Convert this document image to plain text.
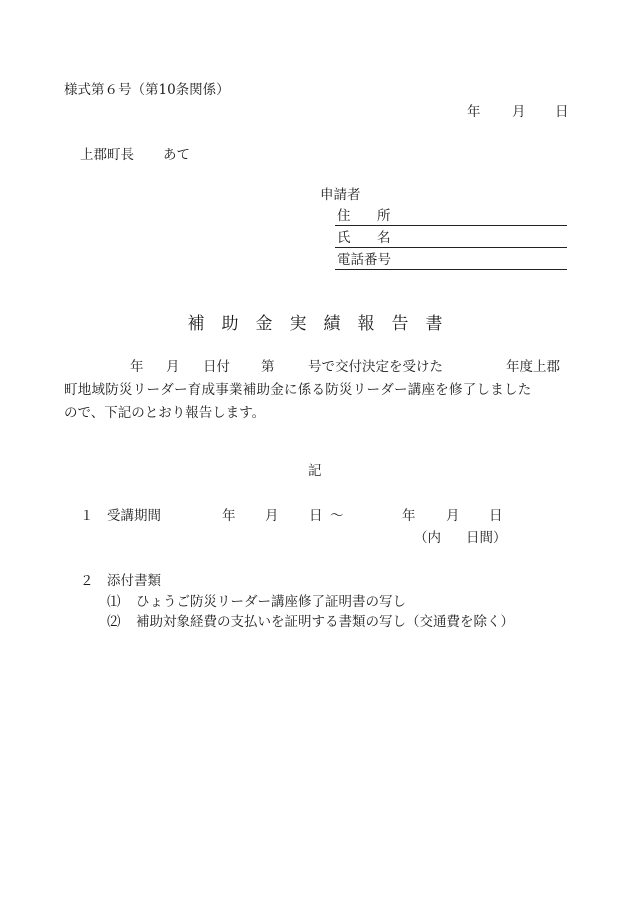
様式第６号（第10条関係）
年 月 日
上郡町長 あて
申請者
住 所
氏 名
電話番号
補　助　金　実　績　報　告　書
年 月 日付 第 号で交付決定を受けた	年度上郡
町地域防災リーダー育成事業補助金に係る防災リーダー講座を修了しました
ので、下記のとおり報告します。
記
１ 受講期間	年 月 日 ～	年 月 日
（内 日間）
２ 添付書類
⑴ ひょうご防災リーダー講座修了証明書の写し
⑵ 補助対象経費の支払いを証明する書類の写し（交通費を除く）
